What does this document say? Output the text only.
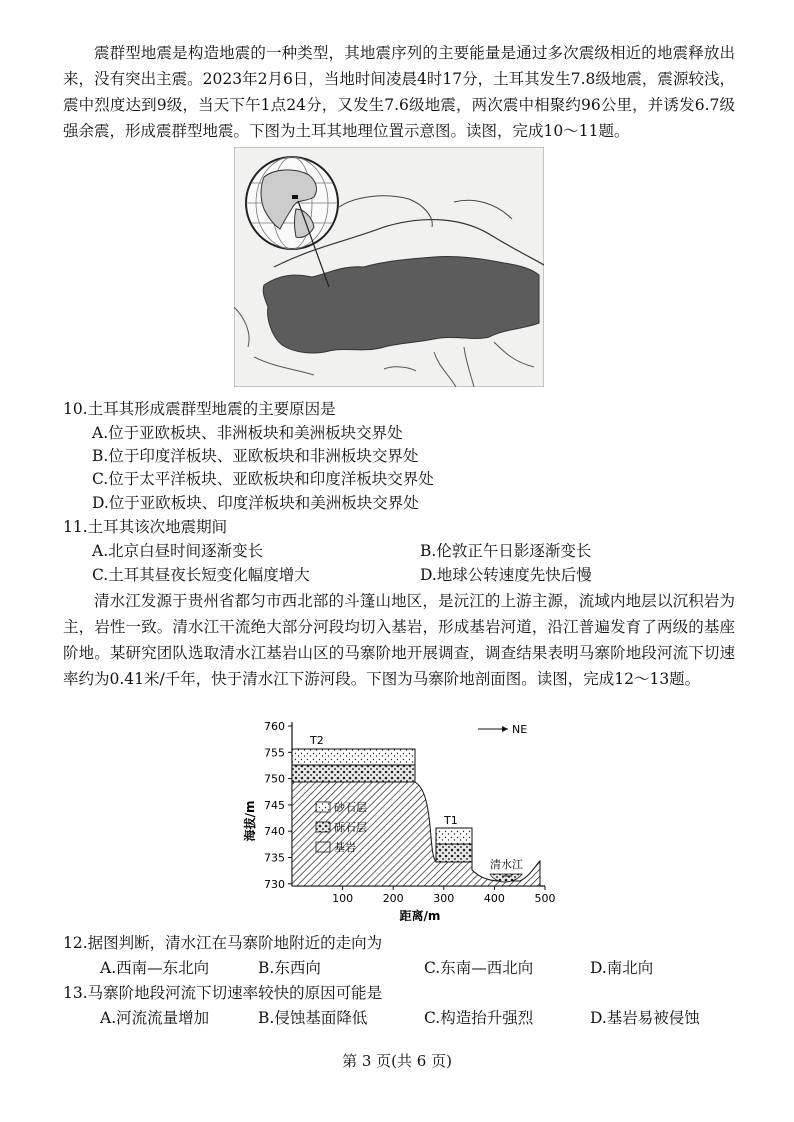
震群型地震是构造地震的一种类型，其地震序列的主要能量是通过多次震级相近的地震释放出来，没有突出主震。2023年2月6日，当地时间凌晨4时17分，土耳其发生7.8级地震，震源较浅，震中烈度达到9级，当天下午1点24分，又发生7.6级地震，两次震中相聚约96公里，并诱发6.7级强余震，形成震群型地震。下图为土耳其地理位置示意图。读图，完成10～11题。
10.土耳其形成震群型地震的主要原因是
A.位于亚欧板块、非洲板块和美洲板块交界处
B.位于印度洋板块、亚欧板块和非洲板块交界处
C.位于太平洋板块、亚欧板块和印度洋板块交界处
D.位于亚欧板块、印度洋板块和美洲板块交界处
11.土耳其该次地震期间
A.北京白昼时间逐渐变长	B.伦敦正午日影逐渐变长
C.土耳其昼夜长短变化幅度增大	D.地球公转速度先快后慢
清水江发源于贵州省都匀市西北部的斗篷山地区，是沅江的上游主源，流域内地层以沉积岩为主，岩性一致。清水江干流绝大部分河段均切入基岩，形成基岩河道，沿江普遍发育了两级的基座阶地。某研究团队选取清水江基岩山区的马寨阶地开展调查，调查结果表明马寨阶地段河流下切速率约为0.41米/千年，快于清水江下游河段。下图为马寨阶地剖面图。读图，完成12～13题。
760
755
750
745
740
735
730
100	200	300	400	500
海拔/m
距离/m
NE
T2
T1
清水江
砂石层
砾石层
基岩
12.据图判断，清水江在马寨阶地附近的走向为
A.西南—东北向	B.东西向	C.东南—西北向	D.南北向
13.马寨阶地段河流下切速率较快的原因可能是
A.河流流量增加	B.侵蚀基面降低	C.构造抬升强烈	D.基岩易被侵蚀
第 3 页(共 6 页)
